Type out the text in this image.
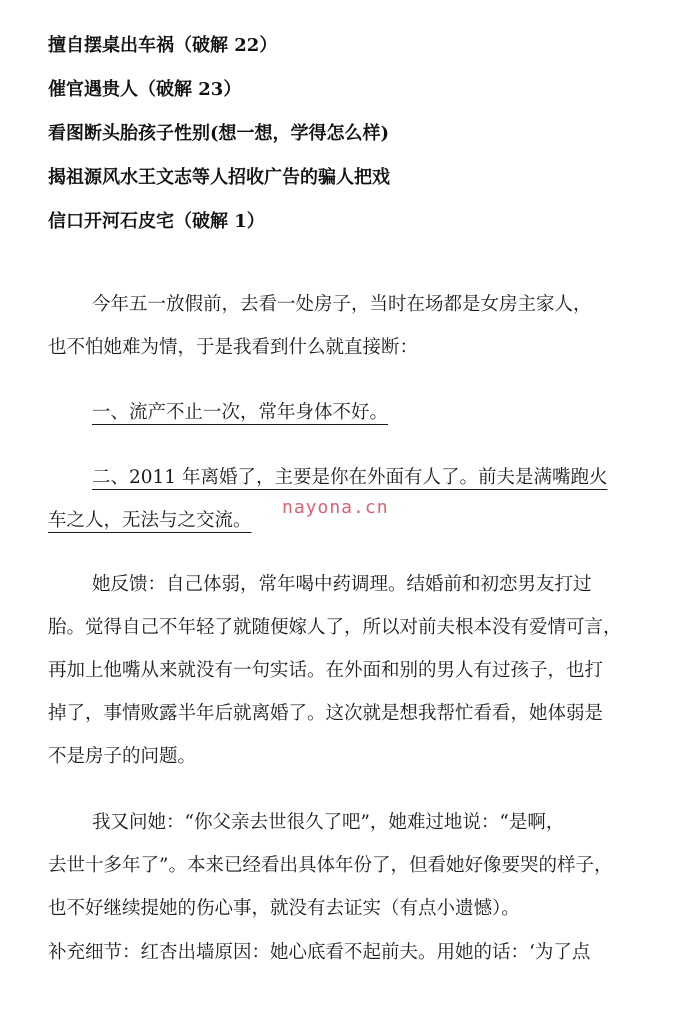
擅自摆桌出车祸（破解 22）
催官遇贵人（破解 23）
看图断头胎孩子性别(想一想，学得怎么样)
揭祖源风水王文志等人招收广告的骗人把戏
信口开河石皮宅（破解 1）
今年五一放假前，去看一处房子，当时在场都是女房主家人，
也不怕她难为情，于是我看到什么就直接断：
一、流产不止一次，常年身体不好。
二、2011 年离婚了，主要是你在外面有人了。前夫是满嘴跑火
车之人，无法与之交流。
nayona.cn
她反馈：自己体弱，常年喝中药调理。结婚前和初恋男友打过
胎。觉得自己不年轻了就随便嫁人了，所以对前夫根本没有爱情可言，
再加上他嘴从来就没有一句实话。在外面和别的男人有过孩子，也打
掉了，事情败露半年后就离婚了。这次就是想我帮忙看看，她体弱是
不是房子的问题。
我又问她：“你父亲去世很久了吧”，她难过地说：“是啊，
去世十多年了”。本来已经看出具体年份了，但看她好像要哭的样子，
也不好继续提她的伤心事，就没有去证实（有点小遗憾）。
补充细节：红杏出墙原因：她心底看不起前夫。用她的话：‘为了点
